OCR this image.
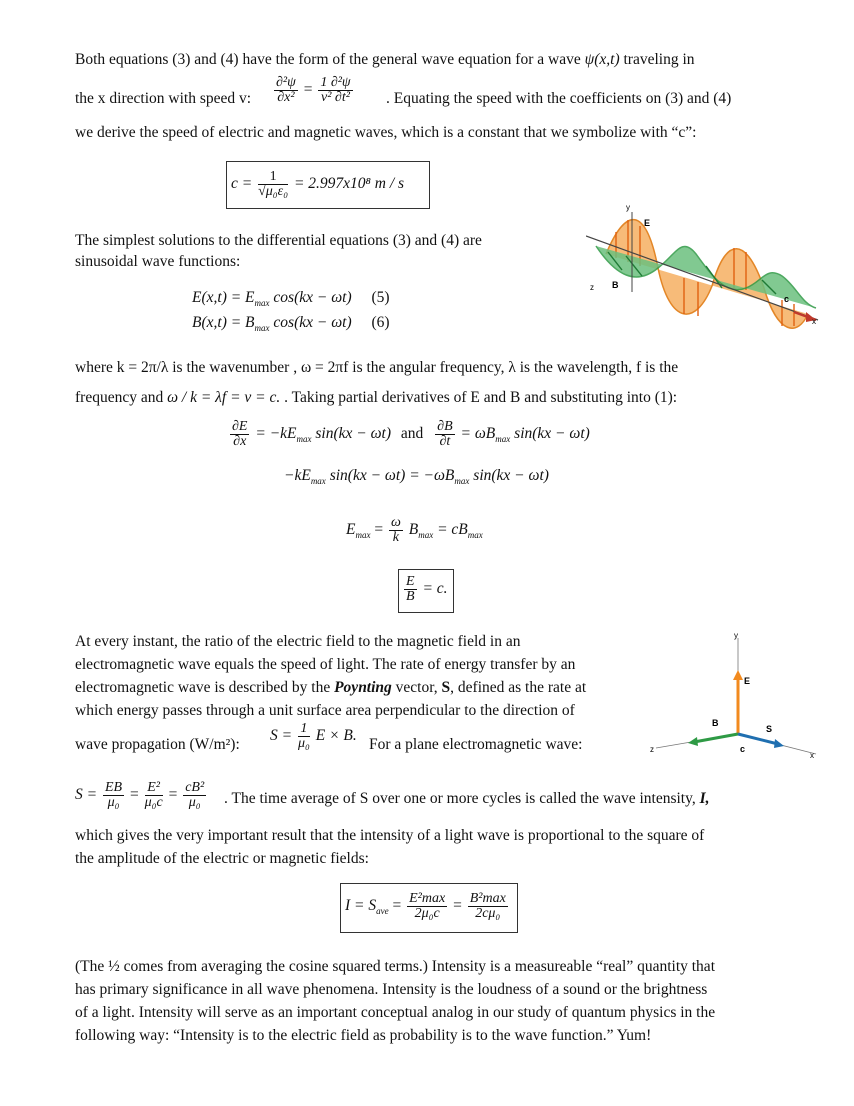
Both equations (3) and (4) have the form of the general wave equation for a wave ψ(x,t) traveling in
the x direction with speed v: $\frac{\text{∂²ψ}}{\text{∂x²}} = \frac{\text{1 ∂²ψ}}{\text{v² ∂t²}}$ . Equating the speed with the coefficients on (3) and (4)
we derive the speed of electric and magnetic waves, which is a constant that we symbolize with “c”:
$c = \frac{1}{\text{√μ₀ε₀}} = 2.997x10^8$ m / s
The simplest solutions to the differential equations (3) and (4) are
sinusoidal wave functions:
$E(x,t) = E_{max}$ cos(kx − ωt) (5)
$B(x,t) = B_{max}$ cos(kx − ωt) (6)
y
E
z B
c
x
where k = 2π/λ is the wavenumber , ω = 2πf is the angular frequency, λ is the wavelength, f is the
frequency and ω / k = λf = v = c. . Taking partial derivatives of E and B and substituting into (1):
$\frac{\partial E}{\partial x} = -kE_{max}$ sin(kx − ωt) and $\frac{\partial B}{\partial t} = \omega B_{max}$ sin(kx − ωt)
$-kE_{max}$ $\sin(kx - \omega t) = -\omega B_{max}$ sin(kx − ωt)
$E_{max} = \frac{\omega}{k} B_{max} = cB_{max}$
$\frac{E}{B} = c$.
At every instant, the ratio of the electric field to the magnetic field in an
electromagnetic wave equals the speed of light. The rate of energy transfer by an
electromagnetic wave is described by the Poynting vector, S, defined as the rate at
which energy passes through a unit surface area perpendicular to the direction of
wave propagation (W/m²):
$S = \frac{1}{\text{μ₀}}$ E × B.
For a plane electromagnetic wave:
y
E
B
S
c
z
x
$S = \frac{EB}{\text{μ₀}} = \frac{\text{E²}}{\text{μ₀c}} = \frac{\text{cB²}}{\text{μ₀}}$ . The time average of S over one or more cycles is called the wave intensity, I,
which gives the very important result that the intensity of a light wave is proportional to the square of
the amplitude of the electric or magnetic fields:
$I = S_{ave} = \frac{\text{E²max}}{\text{2μ₀c}} = \frac{\text{B²max}}{\text{2cμ₀}}$
(The ½ comes from averaging the cosine squared terms.) Intensity is a measureable “real” quantity that
has primary significance in all wave phenomena. Intensity is the loudness of a sound or the brightness
of a light. Intensity will serve as an important conceptual analog in our study of quantum physics in the
following way: “Intensity is to the electric field as probability is to the wave function.” Yum!
